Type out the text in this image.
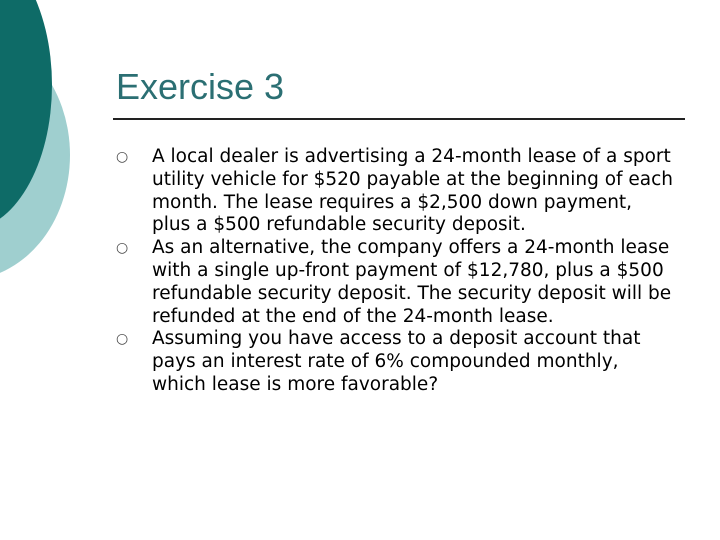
Exercise 3
○	A local dealer is advertising a 24-month lease of a sport utility vehicle for $520 payable at the beginning of each month. The lease requires a $2,500 down payment, plus a $500 refundable security deposit.
○	As an alternative, the company offers a 24-month lease with a single up-front payment of $12,780, plus a $500 refundable security deposit. The security deposit will be refunded at the end of the 24-month lease.
○	Assuming you have access to a deposit account that pays an interest rate of 6% compounded monthly, which lease is more favorable?
